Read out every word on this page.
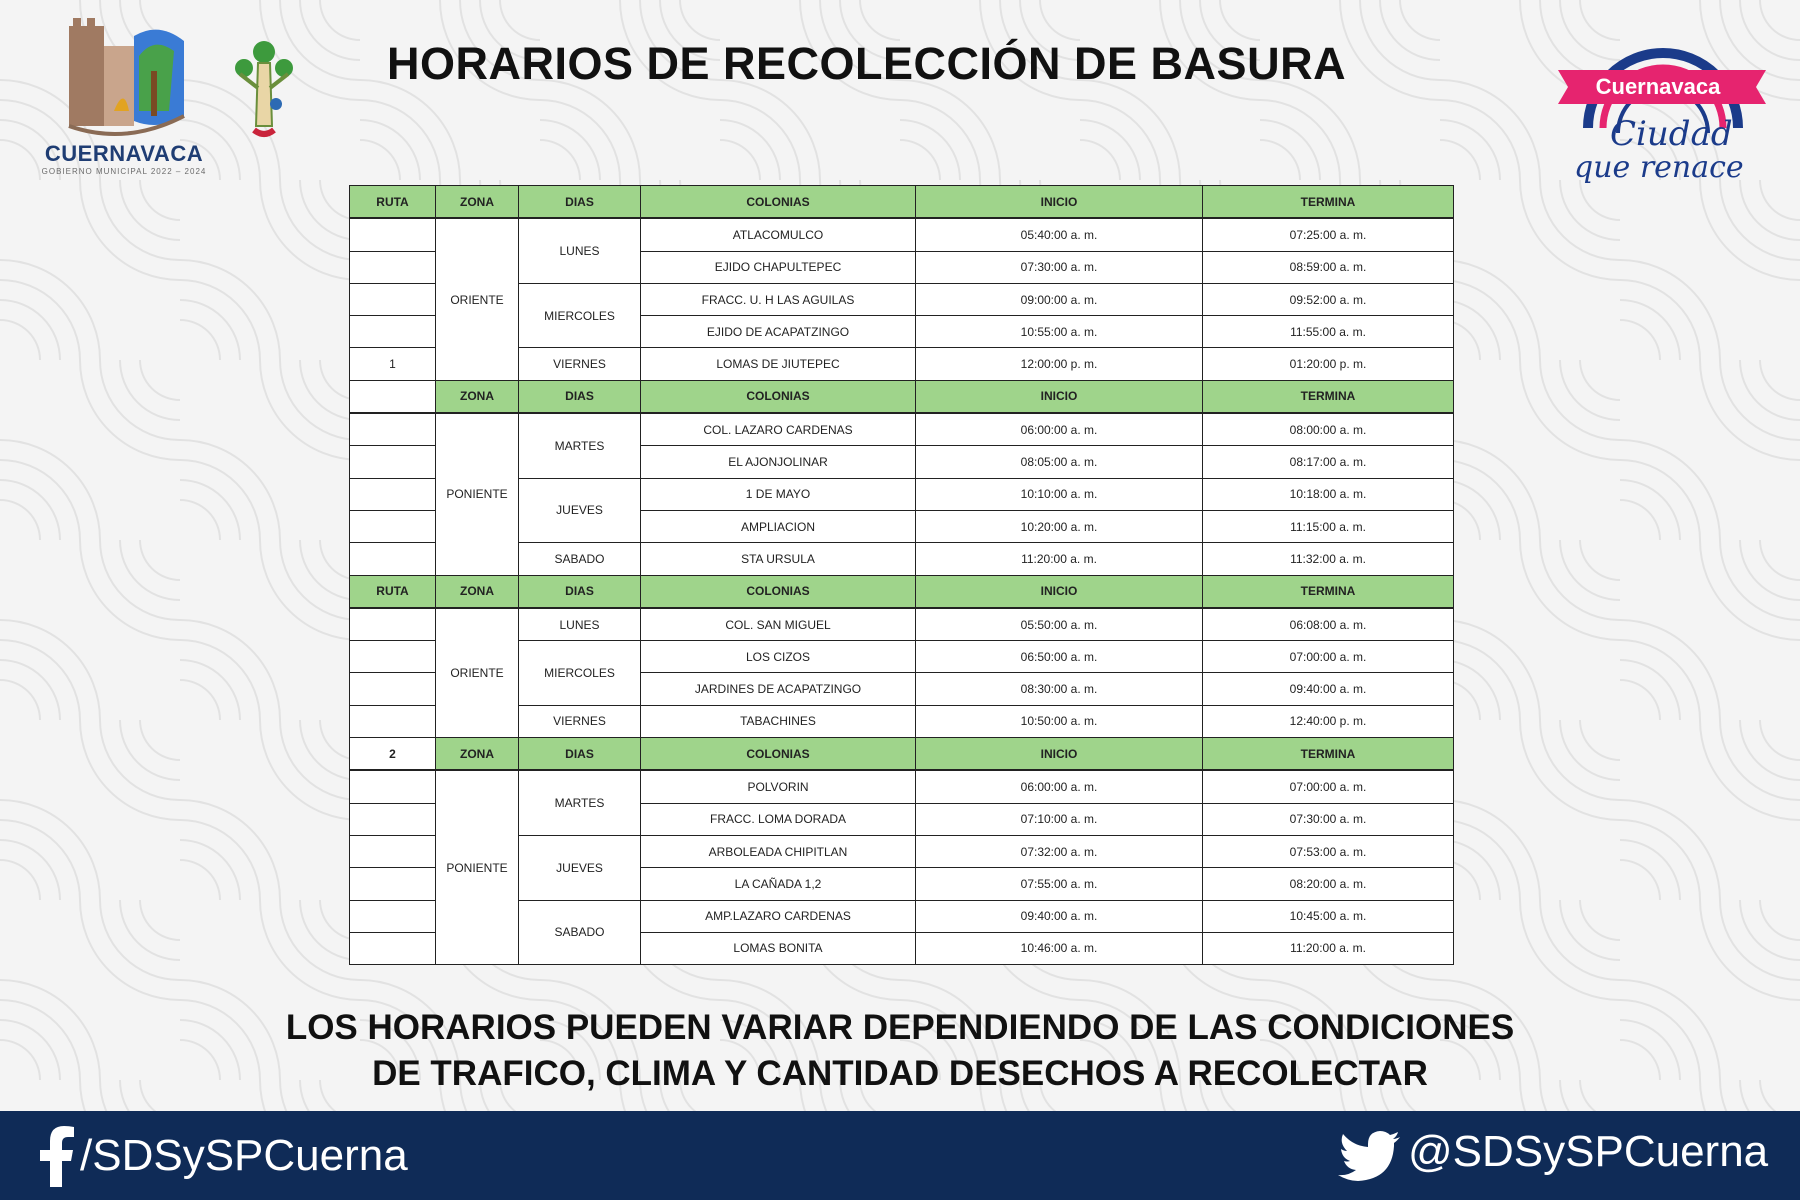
CUERNAVACA
GOBIERNO MUNICIPAL 2022 – 2024
HORARIOS DE RECOLECCIÓN DE BASURA	Cuernavaca
Ciudad
que renace
RUTA	ZONA	DIAS	COLONIAS	INICIO	TERMINA
	ORIENTE	LUNES	ATLACOMULCO	05:40:00 a. m.	07:25:00 a. m.
			EJIDO CHAPULTEPEC	07:30:00 a. m.	08:59:00 a. m.
		MIERCOLES	FRACC. U. H LAS AGUILAS	09:00:00 a. m.	09:52:00 a. m.
			EJIDO DE ACAPATZINGO	10:55:00 a. m.	11:55:00 a. m.
1		VIERNES	LOMAS DE JIUTEPEC	12:00:00 p. m.	01:20:00 p. m.
	ZONA	DIAS	COLONIAS	INICIO	TERMINA
	PONIENTE	MARTES	COL. LAZARO CARDENAS	06:00:00 a. m.	08:00:00 a. m.
			EL AJONJOLINAR	08:05:00 a. m.	08:17:00 a. m.
		JUEVES	1 DE MAYO	10:10:00 a. m.	10:18:00 a. m.
			AMPLIACION	10:20:00 a. m.	11:15:00 a. m.
		SABADO	STA URSULA	11:20:00 a. m.	11:32:00 a. m.
RUTA	ZONA	DIAS	COLONIAS	INICIO	TERMINA
	ORIENTE	LUNES	COL. SAN MIGUEL	05:50:00 a. m.	06:08:00 a. m.
		MIERCOLES	LOS CIZOS	06:50:00 a. m.	07:00:00 a. m.
			JARDINES DE ACAPATZINGO	08:30:00 a. m.	09:40:00 a. m.
		VIERNES	TABACHINES	10:50:00 a. m.	12:40:00 p. m.
2	ZONA	DIAS	COLONIAS	INICIO	TERMINA
	PONIENTE	MARTES	POLVORIN	06:00:00 a. m.	07:00:00 a. m.
			FRACC. LOMA DORADA	07:10:00 a. m.	07:30:00 a. m.
		JUEVES	ARBOLEADA CHIPITLAN	07:32:00 a. m.	07:53:00 a. m.
			LA CAÑADA 1,2	07:55:00 a. m.	08:20:00 a. m.
		SABADO	AMP.LAZARO CARDENAS	09:40:00 a. m.	10:45:00 a. m.
			LOMAS BONITA	10:46:00 a. m.	11:20:00 a. m.
LOS HORARIOS PUEDEN VARIAR DEPENDIENDO DE LAS CONDICIONES
DE TRAFICO, CLIMA Y CANTIDAD DESECHOS A RECOLECTAR
/SDSySPCuerna	@SDSySPCuerna
